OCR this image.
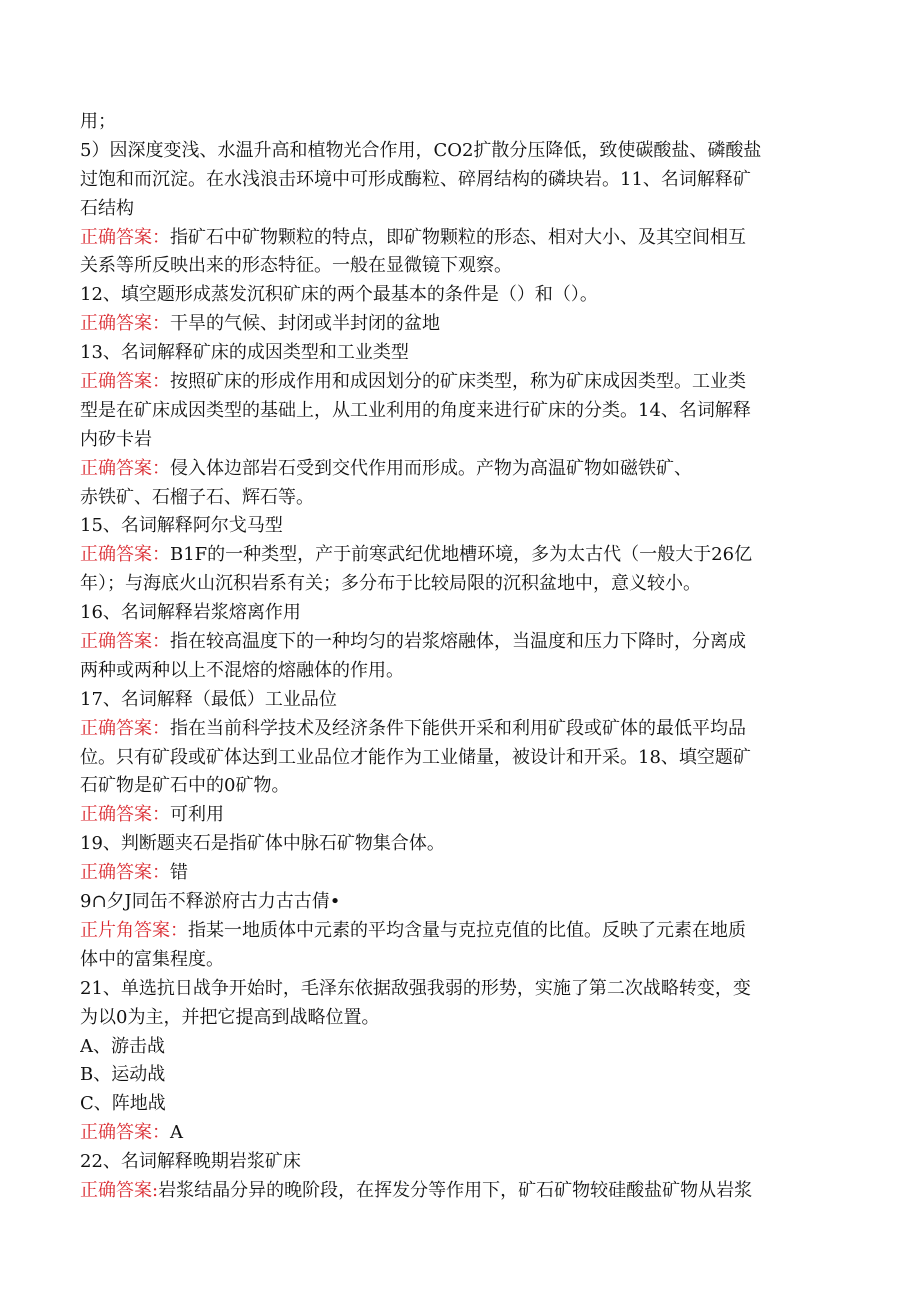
用；
5）因深度变浅、水温升高和植物光合作用，CO2扩散分压降低，致使碳酸盐、磷酸盐
过饱和而沉淀。在水浅浪击环境中可形成酶粒、碎屑结构的磷块岩。11、名词解释矿
石结构
正确答案：指矿石中矿物颗粒的特点，即矿物颗粒的形态、相对大小、及其空间相互
关系等所反映出来的形态特征。一般在显微镜下观察。
12、填空题形成蒸发沉积矿床的两个最基本的条件是（）和（）。
正确答案：干旱的气候、封闭或半封闭的盆地
13、名词解释矿床的成因类型和工业类型
正确答案：按照矿床的形成作用和成因划分的矿床类型，称为矿床成因类型。工业类
型是在矿床成因类型的基础上，从工业利用的角度来进行矿床的分类。14、名词解释
内矽卡岩
正确答案：侵入体边部岩石受到交代作用而形成。产物为高温矿物如磁铁矿、
赤铁矿、石榴子石、辉石等。
15、名词解释阿尔戈马型
正确答案：B1F的一种类型，产于前寒武纪优地槽环境，多为太古代（一般大于26亿
年）；与海底火山沉积岩系有关；多分布于比较局限的沉积盆地中，意义较小。
16、名词解释岩浆熔离作用
正确答案：指在较高温度下的一种均匀的岩浆熔融体，当温度和压力下降时，分离成
两种或两种以上不混熔的熔融体的作用。
17、名词解释（最低）工业品位
正确答案：指在当前科学技术及经济条件下能供开采和利用矿段或矿体的最低平均品
位。只有矿段或矿体达到工业品位才能作为工业储量，被设计和开采。18、填空题矿
石矿物是矿石中的0矿物。
正确答案：可利用
19、判断题夹石是指矿体中脉石矿物集合体。
正确答案：错
9∩夕J同缶不释淤府古力古古倩•
正片角答案：指某一地质体中元素的平均含量与克拉克值的比值。反映了元素在地质
体中的富集程度。
21、单选抗日战争开始时，毛泽东依据敌强我弱的形势，实施了第二次战略转变，变
为以0为主，并把它提高到战略位置。
A、游击战
B、运动战
C、阵地战
正确答案：A
22、名词解释晚期岩浆矿床
正确答案:岩浆结晶分异的晚阶段，在挥发分等作用下，矿石矿物较硅酸盐矿物从岩浆
